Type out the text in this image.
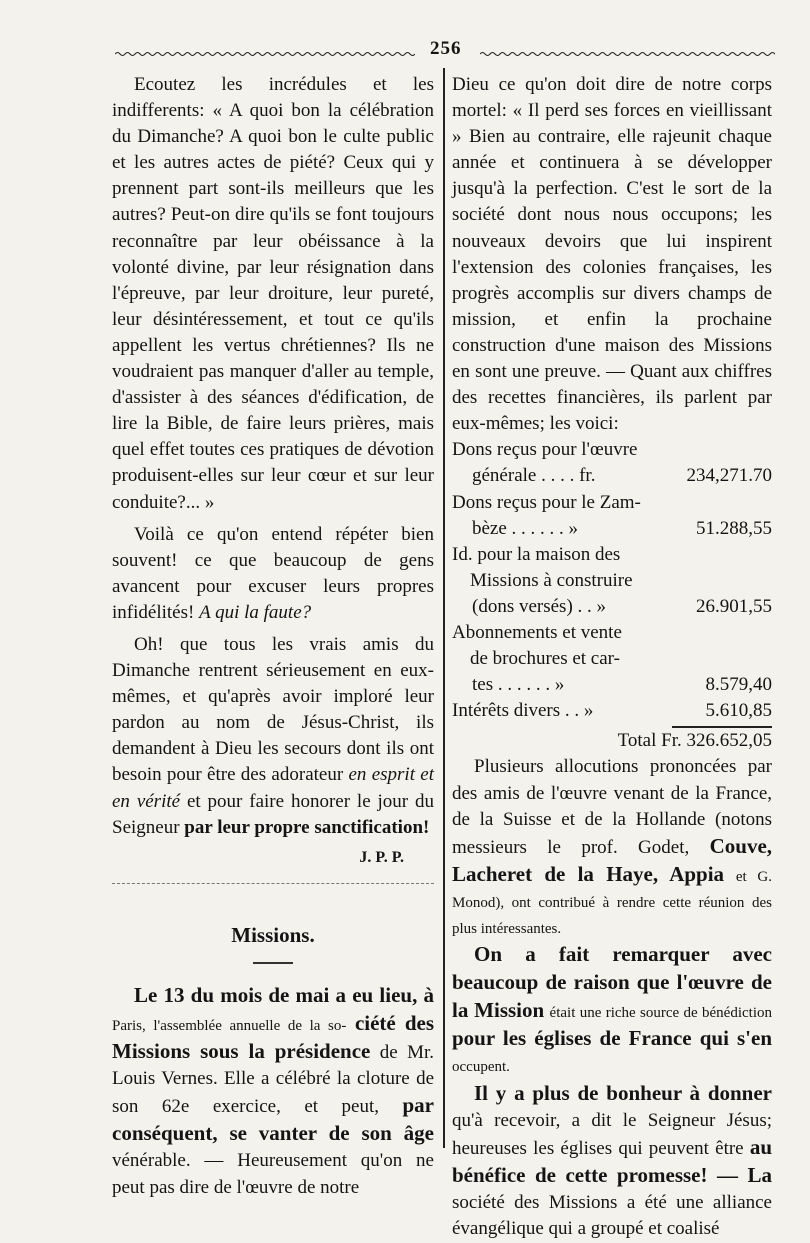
256

Ecoutez les incrédules et les indifferents: « A quoi bon la célébration du Dimanche? A quoi bon le culte public et les autres actes de piété? Ceux qui y prennent part sont-ils meilleurs que les autres? Peut-on dire qu'ils se font toujours reconnaître par leur obéissance à la volonté divine, par leur résignation dans l'épreuve, par leur droiture, leur pureté, leur désintéressement, et tout ce qu'ils appellent les vertus chrétiennes? Ils ne voudraient pas manquer d'aller au temple, d'assister à des séances d'édification, de lire la Bible, de faire leurs prières, mais quel effet toutes ces pratiques de dévotion produisent-elles sur leur cœur et sur leur conduite?... »

Voilà ce qu'on entend répéter bien souvent! ce que beaucoup de gens avancent pour excuser leurs propres infidélités! A qui la faute?

Oh! que tous les vrais amis du Dimanche rentrent sérieusement en eux-mêmes, et qu'après avoir imploré leur pardon au nom de Jésus-Christ, ils demandent à Dieu les secours dont ils ont besoin pour être des adorateur en esprit et en vérité et pour faire honorer le jour du Seigneur par leur propre sanctification!

J. P. P.
Missions.

Le 13 du mois de mai a eu lieu, à Paris, l'assemblée annuelle de la so- ciété des Missions sous la présidence de Mr. Louis Vernes. Elle a célébré la cloture de son 62e exercice, et peut, par conséquent, se vanter de son âge vénérable. — Heureusement qu'on ne peut pas dire de l'œuvre de notre

Dieu ce qu'on doit dire de notre corps mortel: « Il perd ses forces en vieillissant » Bien au contraire, elle rajeunit chaque année et continuera à se développer jusqu'à la perfection. C'est le sort de la société dont nous nous occupons; les nouveaux devoirs que lui inspirent l'extension des colonies françaises, les progrès accomplis sur divers champs de mission, et enfin la prochaine construction d'une maison des Missions en sont une preuve. — Quant aux chiffres des recettes financières, ils parlent par eux-mêmes; les voici:

Dons reçus pour l'œuvre
générale . . . . fr.	234,271.70
Dons reçus pour le Zam-
bèze . . . . . . »	51.288,55
Id. pour la maison des
Missions à construire
(dons versés) . . »	26.901,55
Abonnements et vente
de brochures et car-
tes . . . . . . »	8.579,40
Intérêts divers . . »	5.610,85
Total Fr. 326.652,05

Plusieurs allocutions prononcées par des amis de l'œuvre venant de la France, de la Suisse et de la Hollande (notons messieurs le prof. Godet, Couve, Lacheret de la Haye, Appia et G. Monod), ont contribué à rendre cette réunion des plus intéressantes.

On a fait remarquer avec beaucoup de raison que l'œuvre de la Mission était une riche source de bénédiction pour les églises de France qui s'en occupent.

Il y a plus de bonheur à donner qu'à recevoir, a dit le Seigneur Jésus; heureuses les églises qui peuvent être au bénéfice de cette promesse! — La société des Missions a été une alliance évangélique qui a groupé et coalisé
